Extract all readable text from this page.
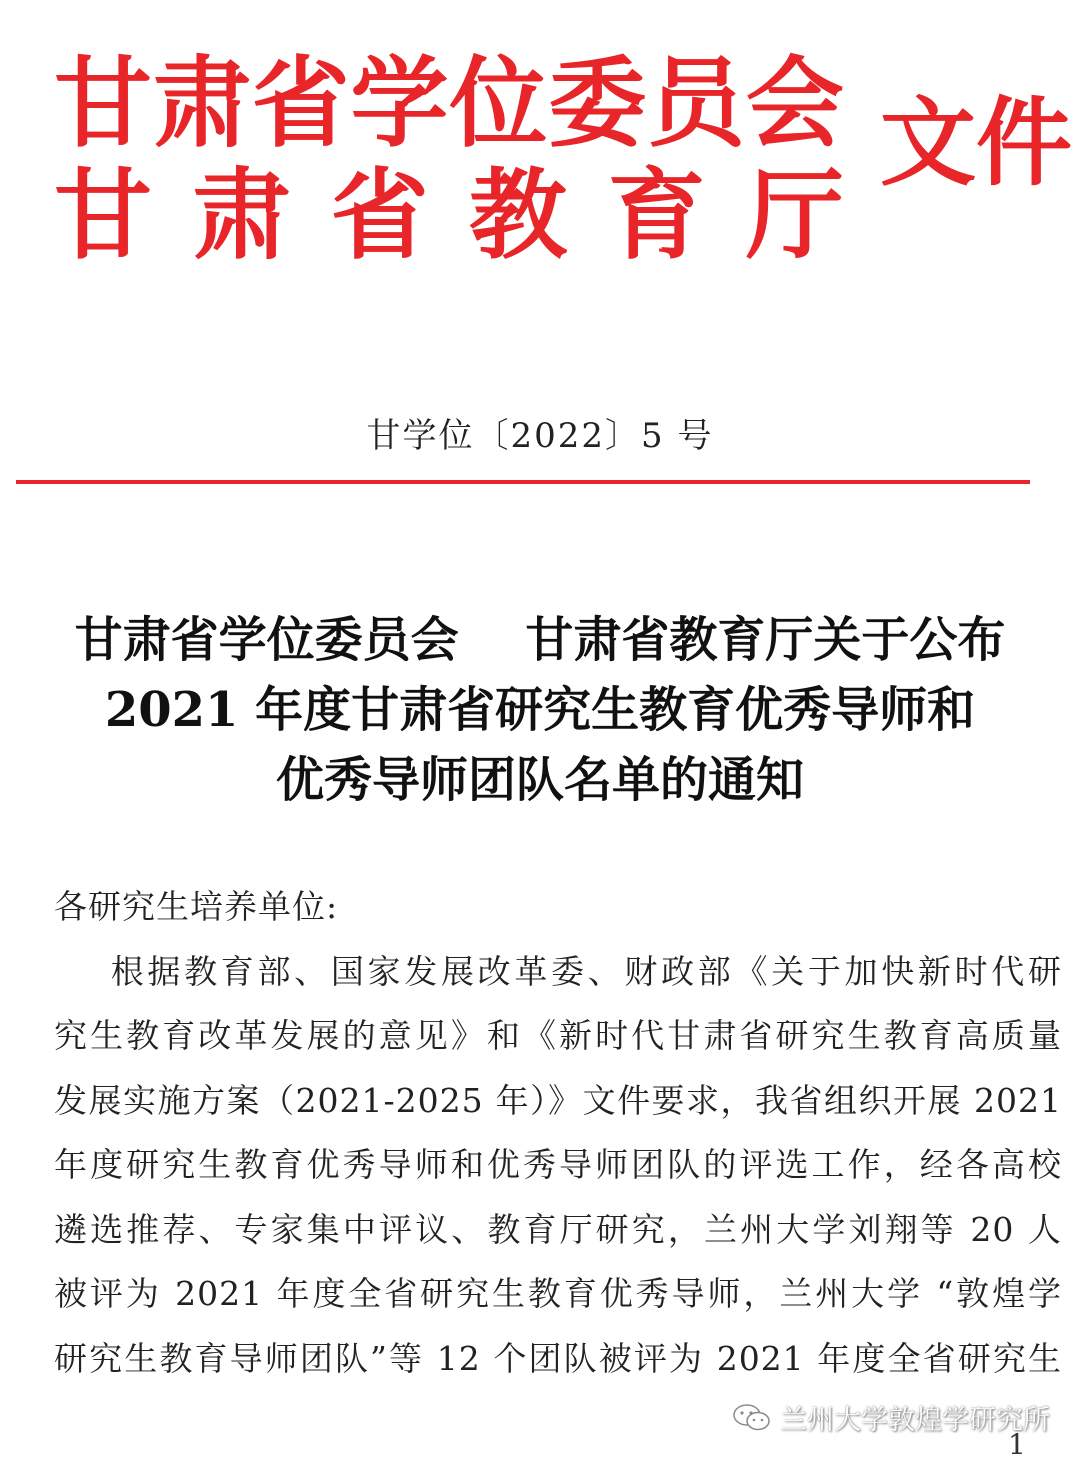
甘 肃 省 学 位 委 员 会
甘 肃 省 教 育 厅
文件
甘学位〔2022〕5 号
甘肃省学位委员会    甘肃省教育厅关于公布
2021 年度甘肃省研究生教育优秀导师和
优秀导师团队名单的通知
各研究生培养单位:
根据教育部、国家发展改革委、财政部《关于加快新时代研
究生教育改革发展的意见》和《新时代甘肃省研究生教育高质量
发展实施方案（2021-2025 年）》文件要求，我省组织开展 2021
年度研究生教育优秀导师和优秀导师团队的评选工作，经各高校
遴选推荐、专家集中评议、教育厅研究，兰州大学刘翔等 20 人
被评为 2021 年度全省研究生教育优秀导师，兰州大学 “敦煌学
研究生教育导师团队”等 12 个团队被评为 2021 年度全省研究生
兰州大学敦煌学研究所
1
